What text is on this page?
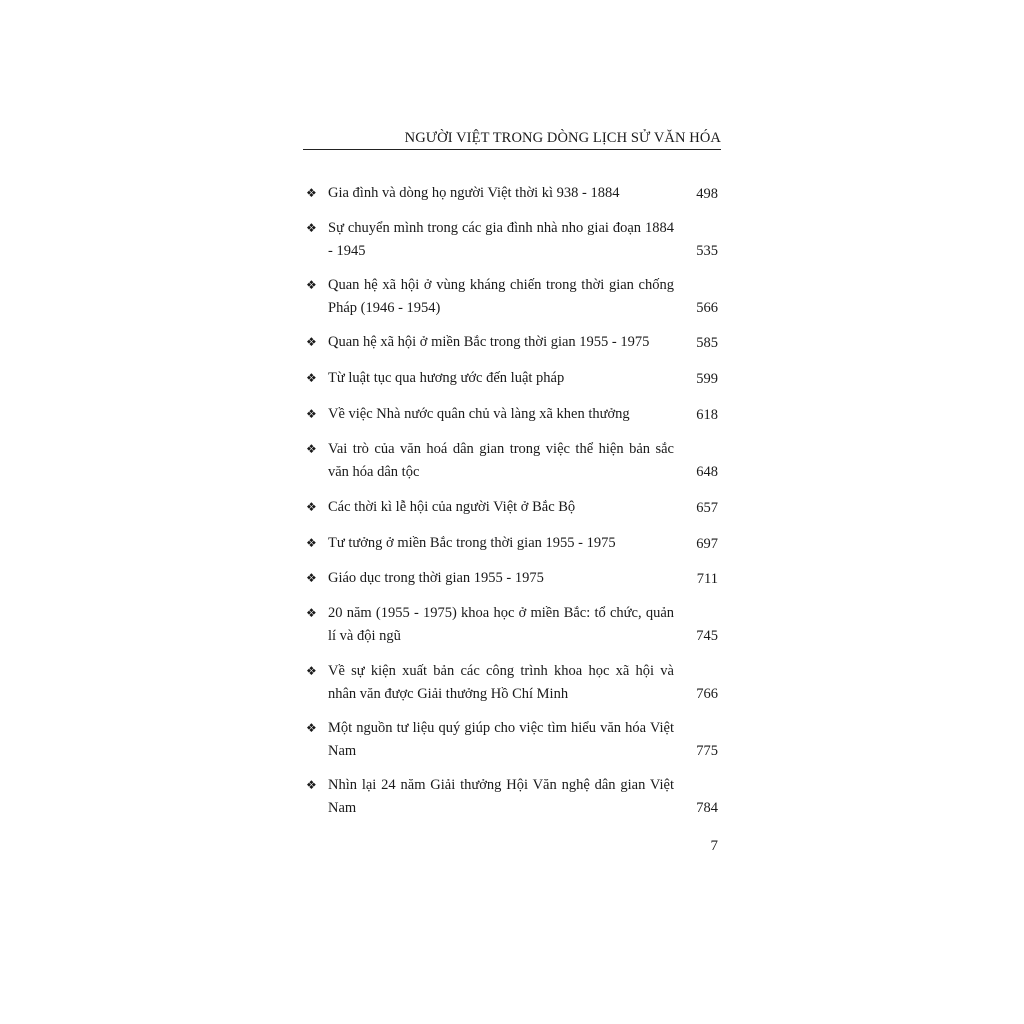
NGƯỜI VIỆT TRONG DÒNG LỊCH SỬ VĂN HÓA
❖ Gia đình và dòng họ người Việt thời kì 938 - 1884	498
❖ Sự chuyển mình trong các gia đình nhà nho giai đoạn 1884 - 1945	535
❖ Quan hệ xã hội ở vùng kháng chiến trong thời gian chống Pháp (1946 - 1954)	566
❖ Quan hệ xã hội ở miền Bắc trong thời gian 1955 - 1975	585
❖ Từ luật tục qua hương ước đến luật pháp	599
❖ Về việc Nhà nước quân chủ và làng xã khen thưởng	618
❖ Vai trò của văn hoá dân gian trong việc thể hiện bản sắc văn hóa dân tộc	648
❖ Các thời kì lễ hội của người Việt ở Bắc Bộ	657
❖ Tư tưởng ở miền Bắc trong thời gian 1955 - 1975	697
❖ Giáo dục trong thời gian 1955 - 1975	711
❖ 20 năm (1955 - 1975) khoa học ở miền Bắc: tổ chức, quản lí và đội ngũ	745
❖ Về sự kiện xuất bản các công trình khoa học xã hội và nhân văn được Giải thưởng Hồ Chí Minh	766
❖ Một nguồn tư liệu quý giúp cho việc tìm hiểu văn hóa Việt Nam	775
❖ Nhìn lại 24 năm Giải thưởng Hội Văn nghệ dân gian Việt Nam	784
7
